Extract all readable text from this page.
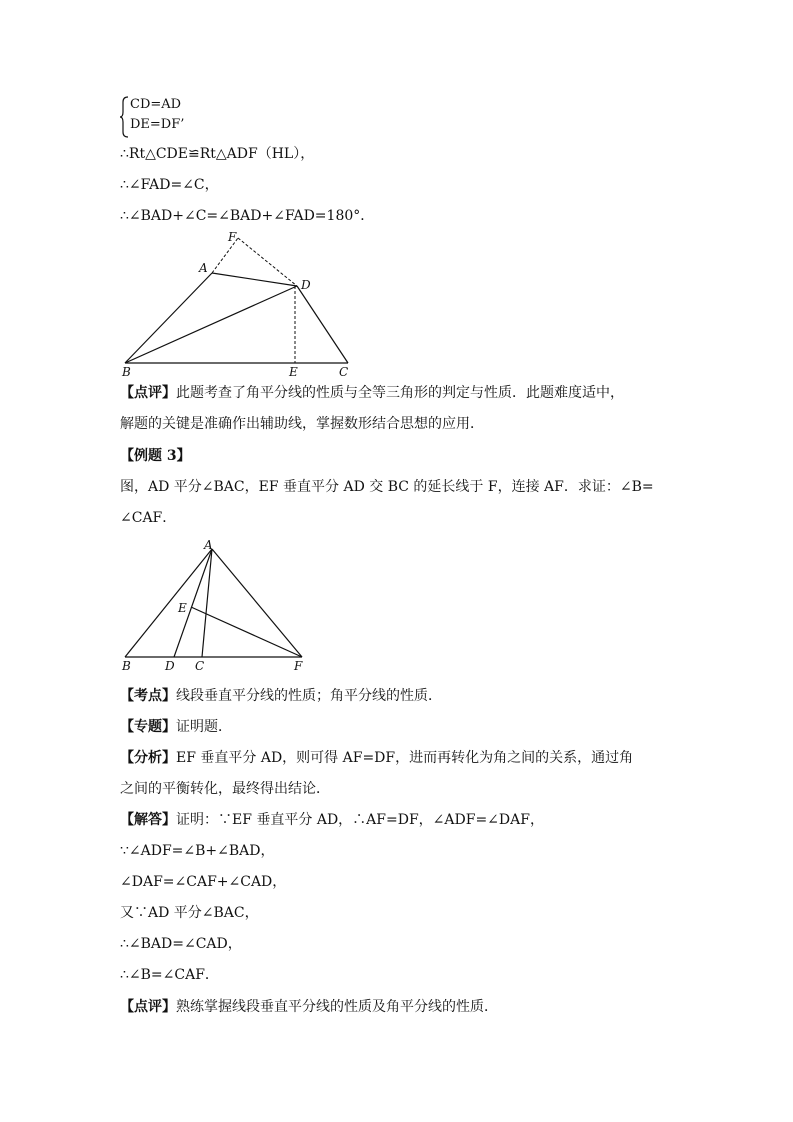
CD=AD
DE=DF’
∴Rt△CDE≌Rt△ADF（HL），
∴∠FAD=∠C，
∴∠BAD+∠C=∠BAD+∠FAD=180°．
F
A
D
B	E	C
【点评】此题考查了角平分线的性质与全等三角形的判定与性质．此题难度适中，
解题的关键是准确作出辅助线，掌握数形结合思想的应用．
【例题 3】
图，AD 平分∠BAC，EF 垂直平分 AD 交 BC 的延长线于 F，连接 AF．求证：∠B=
∠CAF．
A
E
B	D C	F
【考点】线段垂直平分线的性质；角平分线的性质．
【专题】证明题．
【分析】EF 垂直平分 AD，则可得 AF=DF，进而再转化为角之间的关系，通过角
之间的平衡转化，最终得出结论．
【解答】证明：∵EF 垂直平分 AD，∴AF=DF，∠ADF=∠DAF，
∵∠ADF=∠B+∠BAD，
∠DAF=∠CAF+∠CAD，
又∵AD 平分∠BAC，
∴∠BAD=∠CAD，
∴∠B=∠CAF．
【点评】熟练掌握线段垂直平分线的性质及角平分线的性质．
